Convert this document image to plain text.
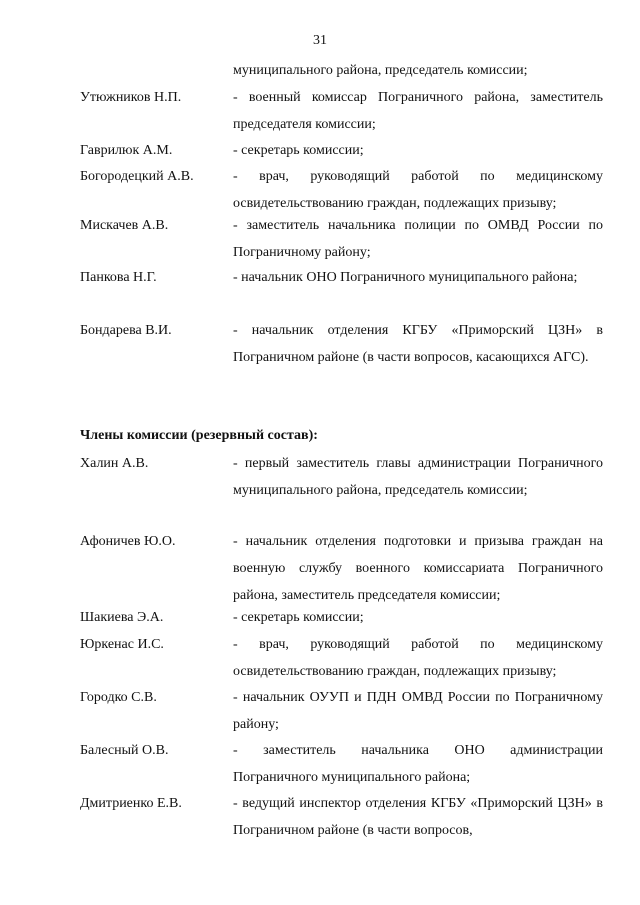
31
муниципального района, председатель комиссии;
Утюжников Н.П.	- военный комиссар Пограничного района, заместитель председателя комиссии;
Гаврилюк А.М.	- секретарь комиссии;
Богородецкий А.В.	- врач, руководящий работой по медицинскому освидетельствованию граждан, подлежащих призыву;
Мискачев А.В.	- заместитель начальника полиции по ОМВД России по Пограничному району;
Панкова Н.Г.	- начальник ОНО Пограничного муниципального района;
Бондарева В.И.	- начальник отделения КГБУ «Приморский ЦЗН» в Пограничном районе (в части вопросов, касающихся АГС).
Члены комиссии (резервный состав):
Халин А.В.	- первый заместитель главы администрации Пограничного муниципального района, председатель комиссии;
Афоничев Ю.О.	- начальник отделения подготовки и призыва граждан на военную службу военного комиссариата Пограничного района, заместитель председателя комиссии;
Шакиева Э.А.	- секретарь комиссии;
Юркенас И.С.	- врач, руководящий работой по медицинскому освидетельствованию граждан, подлежащих призыву;
Городко С.В.	- начальник ОУУП и ПДН ОМВД России по Пограничному району;
Балесный О.В.	- заместитель начальника ОНО администрации Пограничного муниципального района;
Дмитриенко Е.В.	- ведущий инспектор отделения КГБУ «Приморский ЦЗН» в Пограничном районе (в части вопросов,
